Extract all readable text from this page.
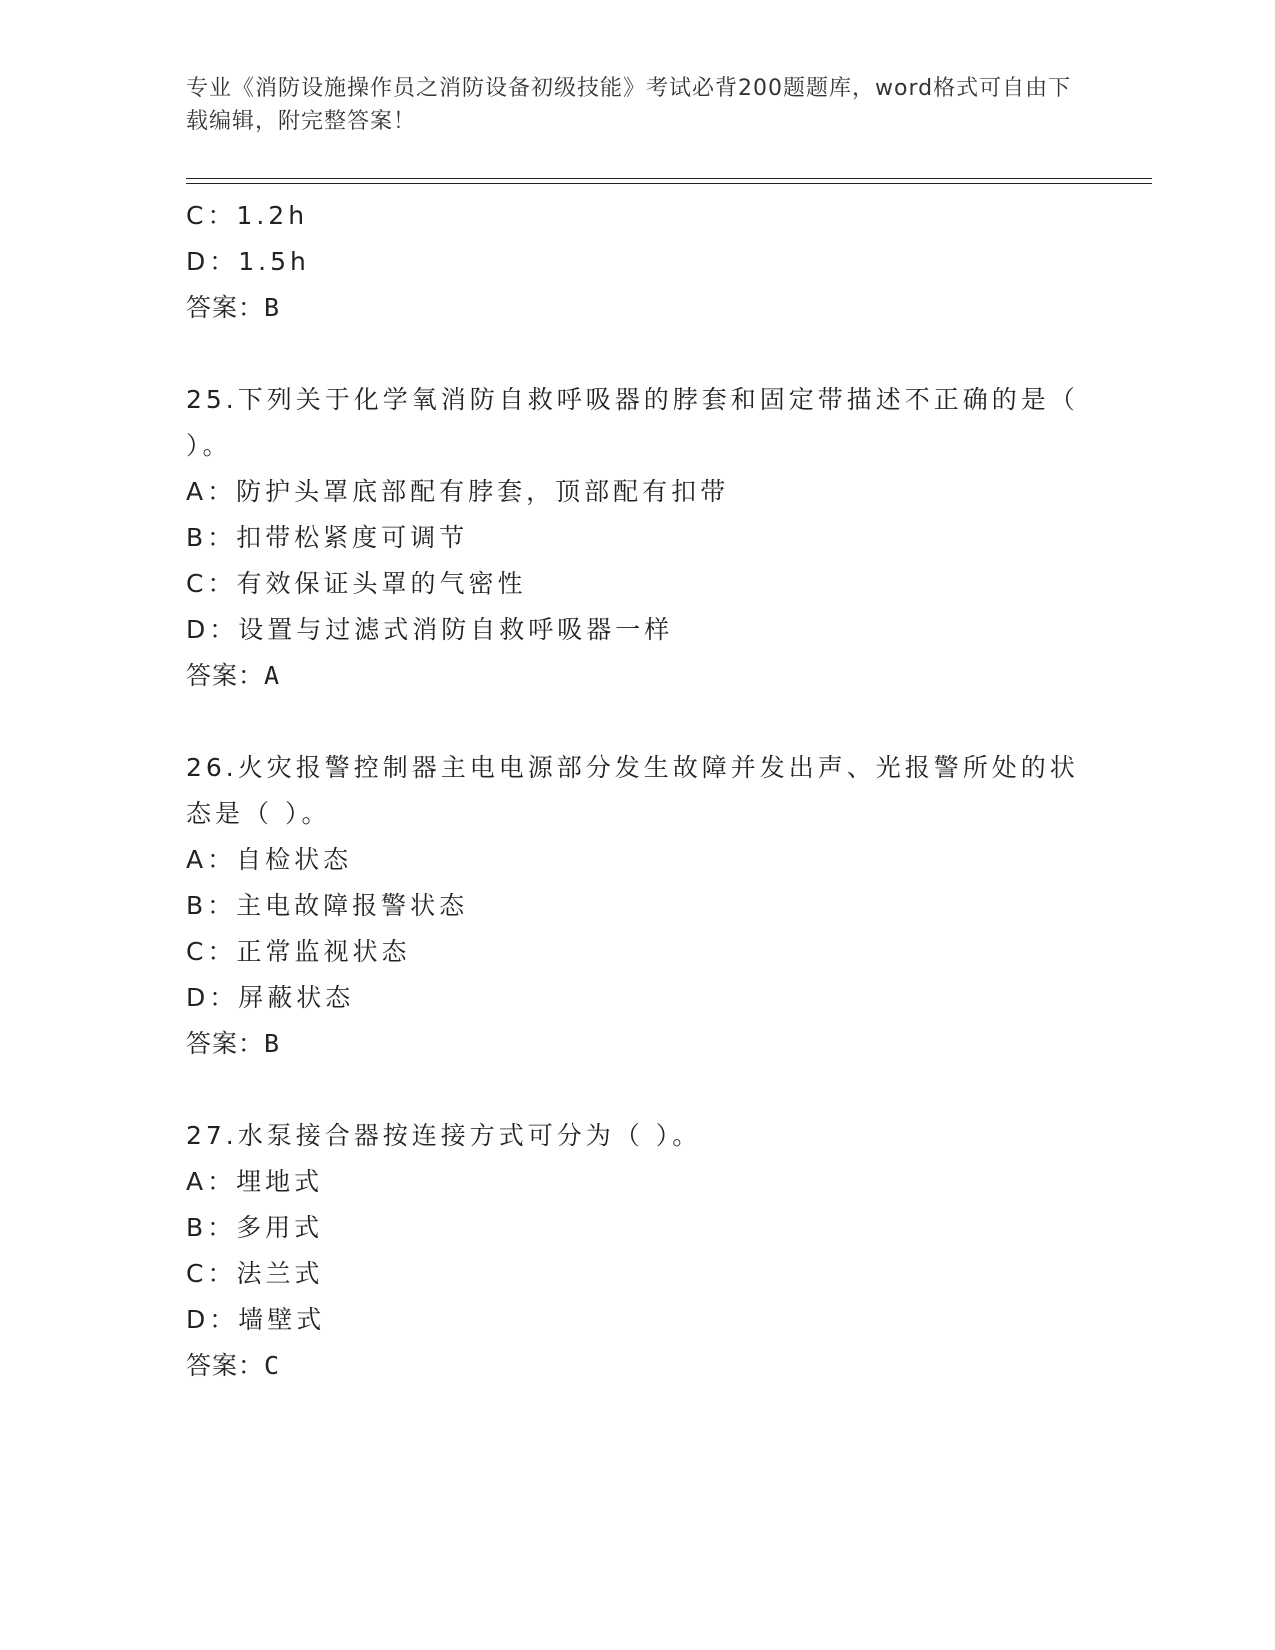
专业《消防设施操作员之消防设备初级技能》考试必背200题题库，word格式可自由下载编辑，附完整答案！
C：1.2h
D：1.5h
答案：B
25.下列关于化学氧消防自救呼吸器的脖套和固定带描述不正确的是（ ）。
A：防护头罩底部配有脖套，顶部配有扣带
B：扣带松紧度可调节
C：有效保证头罩的气密性
D：设置与过滤式消防自救呼吸器一样
答案：A
26.火灾报警控制器主电电源部分发生故障并发出声、光报警所处的状态是（ ）。
A：自检状态
B：主电故障报警状态
C：正常监视状态
D：屏蔽状态
答案：B
27.水泵接合器按连接方式可分为（ ）。
A：埋地式
B：多用式
C：法兰式
D：墙壁式
答案：C
